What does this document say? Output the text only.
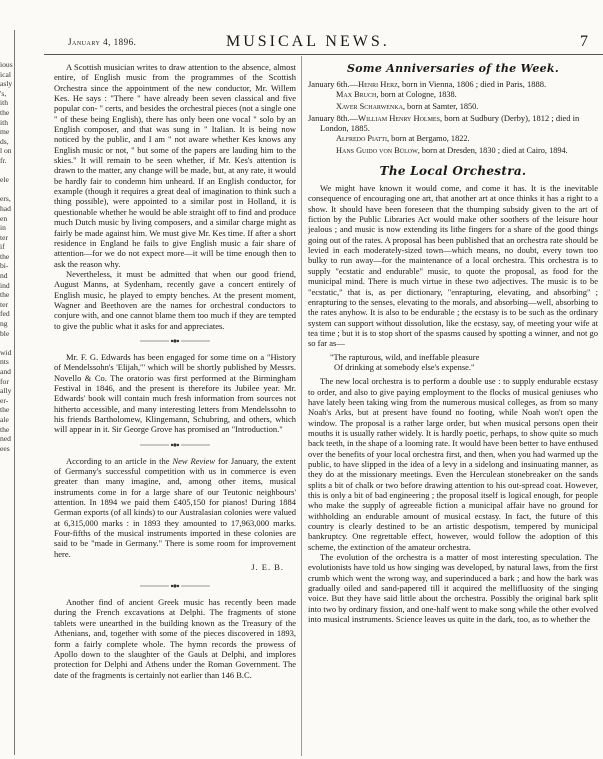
ious
ical
asly
's,
ith
the
ith
me
ds,
l on
fr.

ele

ers,
had
en
in
ter
if
the
bi-
nd
ind
the
ter
fed
ng
ble

wid
nts
and
for
ally
er-
the
ale
the
ned
ees
January 4, 1896.	MUSICAL NEWS.	7

A Scottish musician writes to draw attention to the absence, almost entire, of English music from the programmes of the Scottish Orchestra since the appointment of the new conductor, Mr. Willem Kes. He says : "There " have already been seven classical and five popular con- " certs, and besides the orchestral pieces (not a single one " of these being English), there has only been one vocal " solo by an English composer, and that was sung in " Italian. It is being now noticed by the public, and I am " not aware whether Kes knows any English music or not, " but some of the papers are lauding him to the skies." It will remain to be seen whether, if Mr. Kes's attention is drawn to the matter, any change will be made, but, at any rate, it would be hardly fair to condemn him unheard. If an English conductor, for example (though it requires a great deal of imagination to think such a thing possible), were appointed to a similar post in Holland, it is questionable whether he would be able straight off to find and produce much Dutch music by living composers, and a similar charge might as fairly be made against him. We must give Mr. Kes time. If after a short residence in England he fails to give English music a fair share of attention—for we do not expect more—it will be time enough then to ask the reason why.

Nevertheless, it must be admitted that when our good friend, August Manns, at Sydenham, recently gave a concert entirely of English music, he played to empty benches. At the present moment, Wagner and Beethoven are the names for orchestral conductors to conjure with, and one cannot blame them too much if they are tempted to give the public what it asks for and appreciates.

Mr. F. G. Edwards has been engaged for some time on a "History of Mendelssohn's 'Elijah,'" which will be shortly published by Messrs. Novello & Co. The oratorio was first performed at the Birmingham Festival in 1846, and the present is therefore its Jubilee year. Mr. Edwards' book will contain much fresh information from sources not hitherto accessible, and many interesting letters from Mendelssohn to his friends Bartholomew, Klingemann, Schubring, and others, which will appear in it. Sir George Grove has promised an "Introduction."

According to an article in the New Review for January, the extent of Germany's successful competition with us in commerce is even greater than many imagine, and, among other items, musical instruments come in for a large share of our Teutonic neighbours' attention. In 1894 we paid them £405,150 for pianos! During 1884 German exports (of all kinds) to our Australasian colonies were valued at 6,315,000 marks : in 1893 they amounted to 17,963,000 marks. Four-fifths of the musical instruments imported in these colonies are said to be "made in Germany." There is some room for improvement here.

J. E. B.

Another find of ancient Greek music has recently been made during the French excavations at Delphi. The fragments of stone tablets were unearthed in the building known as the Treasury of the Athenians, and, together with some of the pieces discovered in 1893, form a fairly complete whole. The hymn records the prowess of Apollo down to the slaughter of the Gauls at Delphi, and implores protection for Delphi and Athens under the Roman Government. The date of the fragments is certainly not earlier than 146 B.C.

Some Anniversaries of the Week.
January 6th.—Henri Herz, born in Vienna, 1806 ; died in Paris, 1888.
Max Bruch, born at Cologne, 1838.
Xaver Scharwenka, born at Samter, 1850.
January 8th.—William Henry Holmes, born at Sudbury (Derby), 1812 ; died in London, 1885.
Alfredo Piatti, born at Bergamo, 1822.
Hans Guido von Bülow, born at Dresden, 1830 ; died at Cairo, 1894.
The Local Orchestra.

We might have known it would come, and come it has. It is the inevitable consequence of encouraging one art, that another art at once thinks it has a right to a show. It should have been foreseen that the thumping subsidy given to the art of fiction by the Public Libraries Act would make other soothers of the leisure hour jealous ; and music is now extending its lithe fingers for a share of the good things going out of the rates. A proposal has been published that an orchestra rate should be levied in each moderately-sized town—which means, no doubt, every town too bulky to run away—for the maintenance of a local orchestra. This orchestra is to supply "ecstatic and endurable" music, to quote the proposal, as food for the municipal mind. There is much virtue in these two adjectives. The music is to be "ecstatic," that is, as per dictionary, "enrapturing, elevating, and absorbing" ; enrapturing to the senses, elevating to the morals, and absorbing—well, absorbing to the rates anyhow. It is also to be endurable ; the ecstasy is to be such as the ordinary system can support without dissolution, like the ecstasy, say, of meeting your wife at tea time ; but it is to stop short of the spasms caused by spotting a winner, and not go so far as—

"The rapturous, wild, and ineffable pleasure
Of drinking at somebody else's expense."

The new local orchestra is to perform a double use : to supply endurable ecstasy to order, and also to give paying employment to the flocks of musical geniuses who have lately been taking wing from the numerous musical colleges, as from so many Noah's Arks, but at present have found no footing, while Noah won't open the window. The proposal is a rather large order, but when musical persons open their mouths it is usually rather widely. It is hardly poetic, perhaps, to show quite so much back teeth, in the shape of a looming rate. It would have been better to have enthused over the benefits of your local orchestra first, and then, when you had warmed up the public, to have slipped in the idea of a levy in a sidelong and insinuating manner, as they do at the missionary meetings. Even the Herculean stonebreaker on the sands splits a bit of chalk or two before drawing attention to his out-spread coat. However, this is only a bit of bad engineering ; the proposal itself is logical enough, for people who make the supply of agreeable fiction a municipal affair have no ground for withholding an endurable amount of musical ecstasy. In fact, the future of this country is clearly destined to be an artistic despotism, tempered by municipal bankruptcy. One regrettable effect, however, would follow the adoption of this scheme, the extinction of the amateur orchestra.

The evolution of the orchestra is a matter of most interesting speculation. The evolutionists have told us how singing was developed, by natural laws, from the first crumb which went the wrong way, and superinduced a bark ; and how the bark was gradually oiled and sand-papered till it acquired the mellifluosity of the singing voice. But they have said little about the orchestra. Possibly the original bark split into two by ordinary fission, and one-half went to make song while the other evolved into musical instruments. Science leaves us quite in the dark, too, as to whether the
